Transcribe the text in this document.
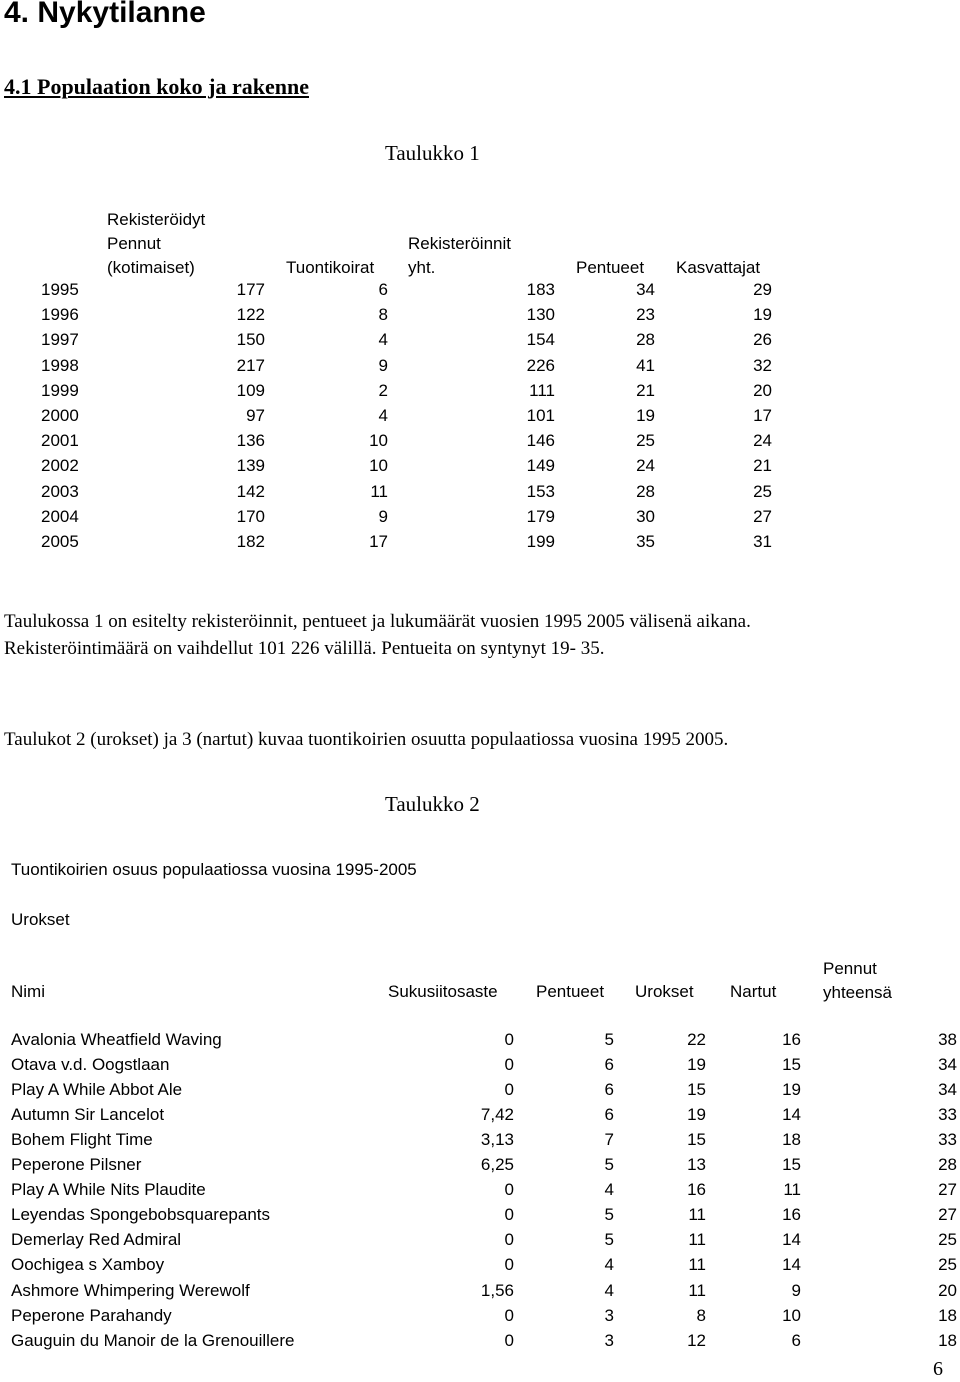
4. Nykytilanne
4.1 Populaation koko ja rakenne
Taulukko 1
Rekisteröidyt
Pennut
(kotimaiset)	Tuontikoirat
Rekisteröinnit
yht.	Pentueet Kasvattajat
1995	177	6	183	34	29
1996	122	8	130	23	19
1997	150	4	154	28	26
1998	217	9	226	41	32
1999	109	2	111	21	20
2000	97	4	101	19	17
2001	136	10	146	25	24
2002	139	10	149	24	21
2003	142	11	153	28	25
2004	170	9	179	30	27
2005	182	17	199	35	31
Taulukossa 1 on esitelty rekisteröinnit, pentueet ja lukumäärät vuosien 1995 2005 välisenä aikana.
Rekisteröintimäärä on vaihdellut 101 226 välillä. Pentueita on syntynyt 19- 35.
Taulukot 2 (urokset) ja 3 (nartut) kuvaa tuontikoirien osuutta populaatiossa vuosina 1995 2005.
Taulukko 2
Tuontikoirien osuus populaatiossa vuosina 1995-2005
Urokset
Nimi	Sukusiitosaste Pentueet Urokset Nartut
Pennut
yhteensä
Avalonia Wheatfield Waving	0	5	22	16	38
Otava v.d. Oogstlaan	0	6	19	15	34
Play A While Abbot Ale	0	6	15	19	34
Autumn Sir Lancelot	7,42	6	19	14	33
Bohem Flight Time	3,13	7	15	18	33
Peperone Pilsner	6,25	5	13	15	28
Play A While Nits Plaudite	0	4	16	11	27
Leyendas Spongebobsquarepants	0	5	11	16	27
Demerlay Red Admiral	0	5	11	14	25
Oochigea s Xamboy	0	4	11	14	25
Ashmore Whimpering Werewolf	1,56	4	11	9	20
Peperone Parahandy	0	3	8	10	18
Gauguin du Manoir de la Grenouillere	0	3	12	6	18
6
